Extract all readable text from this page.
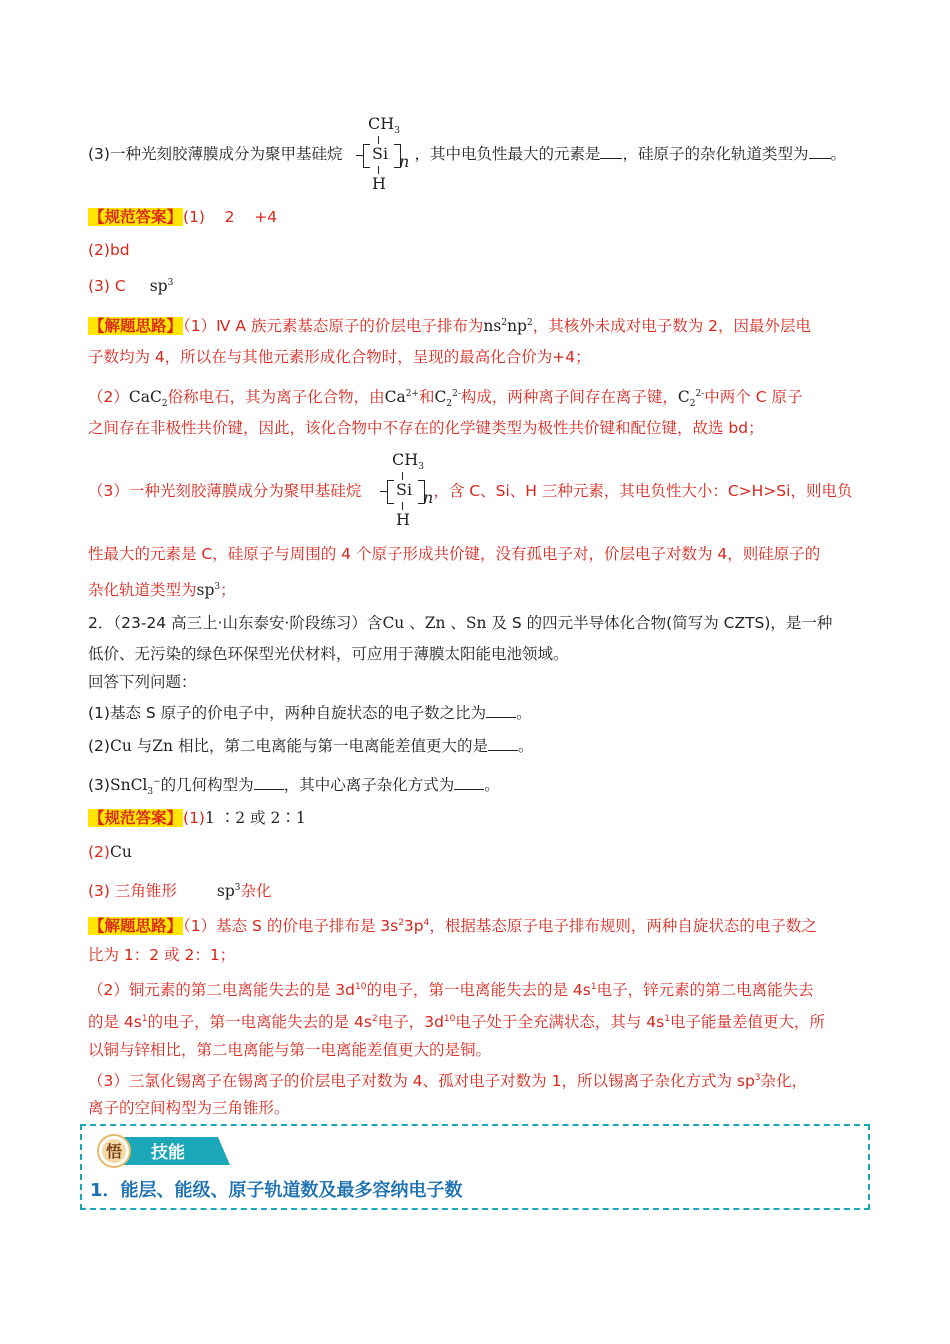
(3)一种光刻胶薄膜成分为聚甲基硅烷	，其中电负性最大的元素是 ，硅原子的杂化轨道类型为 。
$CH_3$
Si n
H
【规范答案】(1)    2    +4
(2)bd
(3) C $sp^3$
【解题思路】（1）Ⅳ A 族元素基态原子的价层电子排布为$ns^2np^2$，其核外未成对电子数为 2，因最外层电
子数均为 4，所以在与其他元素形成化合物时，呈现的最高化合价为+4；
（2）CaC$_2$俗称电石，其为离子化合物，由$Ca^{2+}$和$C_2^{2-}$构成，两种离子间存在离子键，$C_2^{2-}$中两个 C 原子
之间存在非极性共价键，因此，该化合物中不存在的化学键类型为极性共价键和配位键，故选 bd；
（3）一种光刻胶薄膜成分为聚甲基硅烷	，含 C、Si、H 三种元素，其电负性大小：C>H>Si，则电负
$CH_3$
Si n
H
性最大的元素是 C，硅原子与周围的 4 个原子形成共价键，没有孤电子对，价层电子对数为 4，则硅原子的
杂化轨道类型为$sp^3$；
2．（23-24 高三上·山东泰安·阶段练习）含Cu 、Zn 、Sn 及 S 的四元半导体化合物(简写为 CZTS)，是一种
低价、无污染的绿色环保型光伏材料，可应用于薄膜太阳能电池领域。
回答下列问题：
(1)基态 S 原子的价电子中，两种自旋状态的电子数之比为 。
(2)Cu 与Zn 相比，第二电离能与第一电离能差值更大的是 。
(3)SnCl$_3$−的几何构型为 ，其中心离子杂化方式为 。
【规范答案】(1)1 ∶2 或 2∶1
(2)Cu
(3) 三角锥形	$sp^3$杂化
【解题思路】（1）基态 S 的价电子排布是 $3s^23p^4$，根据基态原子电子排布规则，两种自旋状态的电子数之
比为 1：2 或 2：1；
（2）铜元素的第二电离能失去的是 $3d^{10}$的电子，第一电离能失去的是 $4s^1$电子，锌元素的第二电离能失去
的是 $4s^1$的电子，第一电离能失去的是 $4s^2$电子，$3d^{10}$电子处于全充满状态，其与 $4s^1$电子能量差值更大，所
以铜与锌相比，第二电离能与第一电离能差值更大的是铜。
（3）三氯化锡离子在锡离子的价层电子对数为 4、孤对电子对数为 1，所以锡离子杂化方式为 $sp^3$杂化，
离子的空间构型为三角锥形。
悟 技能
1．能层、能级、原子轨道数及最多容纳电子数
